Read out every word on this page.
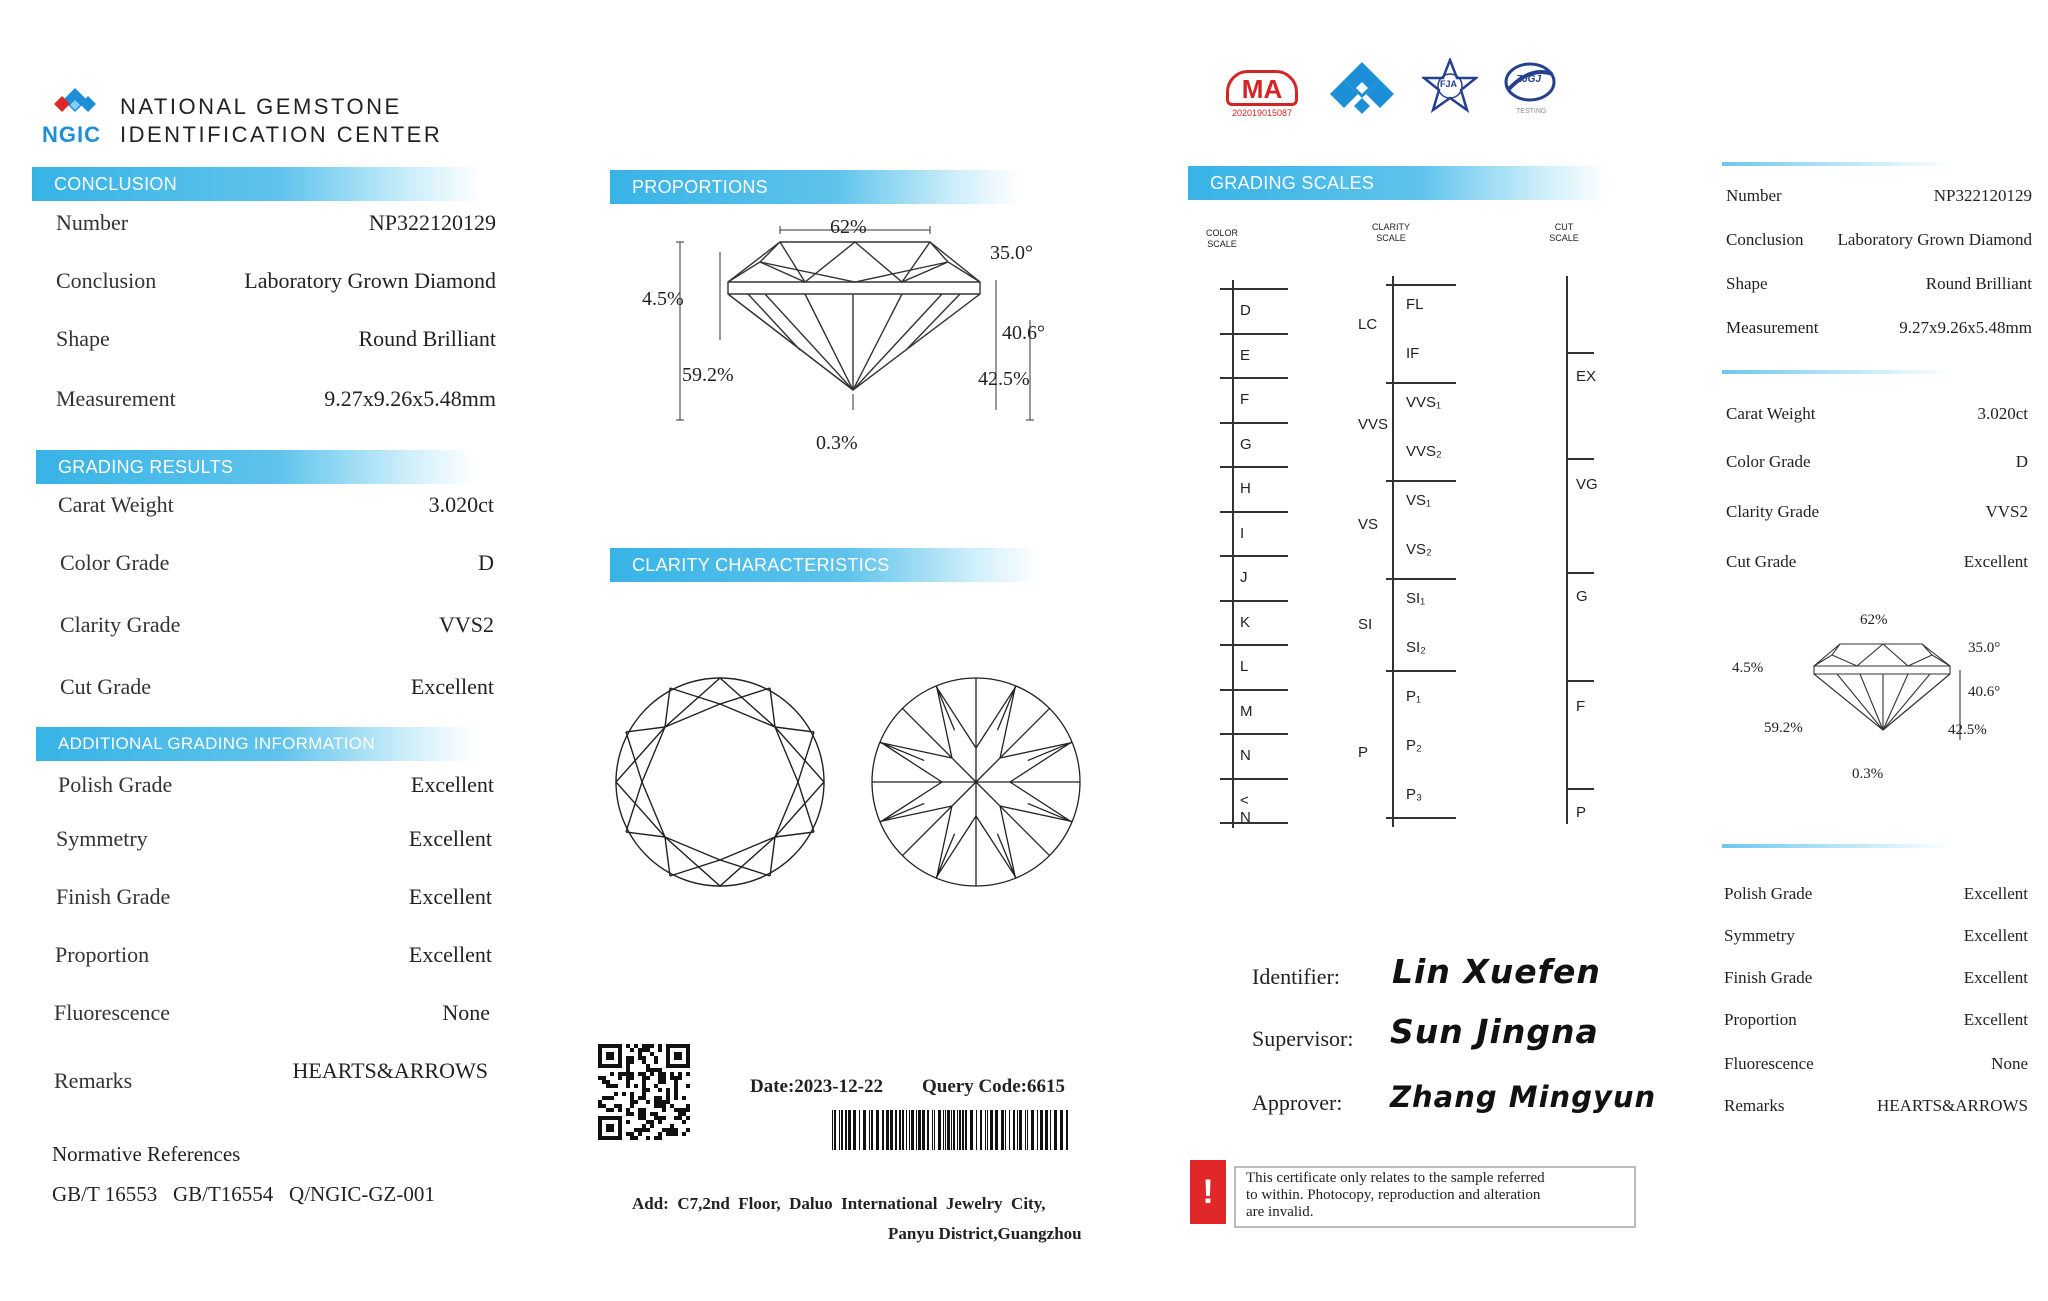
NGIC
NATIONAL GEMSTONE
IDENTIFICATION CENTER
CONCLUSION
Number	NP322120129
Conclusion	Laboratory Grown Diamond
Shape	Round Brilliant
Measurement	9.27x9.26x5.48mm
GRADING RESULTS
Carat Weight	3.020ct
Color Grade	D
Clarity Grade	VVS2
Cut Grade	Excellent
ADDITIONAL GRADING INFORMATION
Polish Grade	Excellent
Symmetry	Excellent
Finish Grade	Excellent
Proportion	Excellent
Fluorescence	None
Remarks	HEARTS&ARROWS
Normative References
GB/T 16553   GB/T16554   Q/NGIC-GZ-001
PROPORTIONS
62%
35.0°
4.5%
40.6°
59.2%	42.5%
0.3%
CLARITY CHARACTERISTICS
Date:2023-12-22 Query Code:6615
Add:  C7,2nd  Floor,  Daluo  International  Jewelry  City,
Panyu District,Guangzhou
MA
202019015087
FJA	ZJGJ
TESTING
GRADING SCALES
COLOR
SCALE
CLARITY
SCALE
CUT
SCALE
D
E
F
G
H
I
J
K
L
M
N
< N
FL
IF
VVS₁
VVS₂
VS₁
VS₂
SI₁
SI₂
P₁
P₂
P₃
LC
VVS
VS
SI
P
EX
VG
G
F
P
Identifier: Lin Xuefen
Supervisor: Sun Jingna
Approver: Zhang Mingyun
!	This certificate only relates to the sample referred
to within. Photocopy, reproduction and alteration
are invalid.
Number	NP322120129
Conclusion Laboratory Grown Diamond
Shape	Round Brilliant
Measurement	9.27x9.26x5.48mm
Carat Weight	3.020ct
Color Grade	D
Clarity Grade	VVS2
Cut Grade	Excellent
62%
35.0°
4.5%
40.6°
59.2%	42.5%
0.3%
Polish Grade	Excellent
Symmetry	Excellent
Finish Grade	Excellent
Proportion	Excellent
Fluorescence	None
Remarks	HEARTS&ARROWS
